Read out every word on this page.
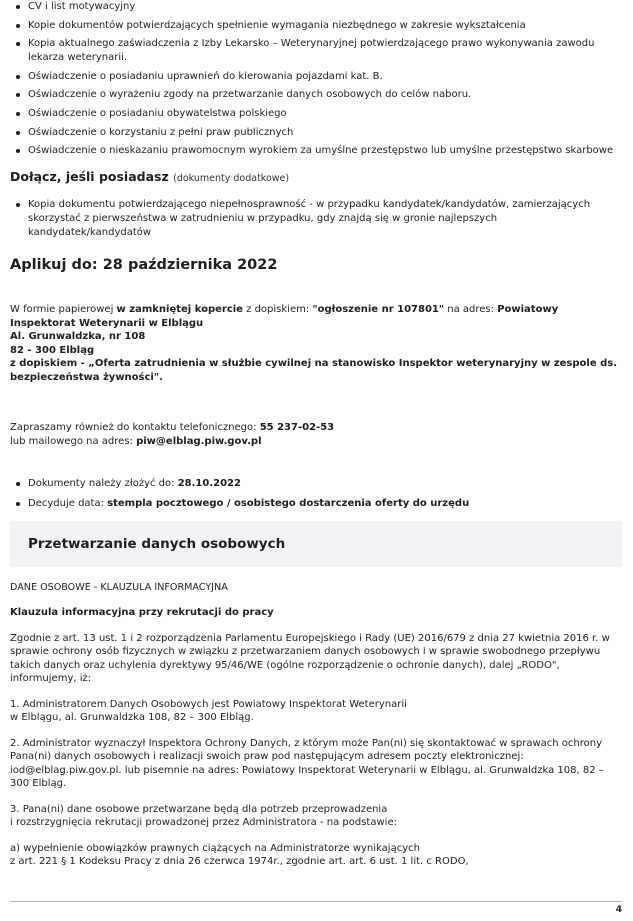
CV i list motywacyjny
Kopie dokumentów potwierdzających spełnienie wymagania niezbędnego w zakresie wykształcenia
Kopia aktualnego zaświadczenia z Izby Lekarsko – Weterynaryjnej potwierdzającego prawo wykonywania zawodu lekarza weterynarii.
Oświadczenie o posiadaniu uprawnień do kierowania pojazdami kat. B.
Oświadczenie o wyrażeniu zgody na przetwarzanie danych osobowych do celów naboru.
Oświadczenie o posiadaniu obywatelstwa polskiego
Oświadczenie o korzystaniu z pełni praw publicznych
Oświadczenie o nieskazaniu prawomocnym wyrokiem za umyślne przestępstwo lub umyślne przestępstwo skarbowe
Dołącz, jeśli posiadasz (dokumenty dodatkowe)
Kopia dokumentu potwierdzającego niepełnosprawność - w przypadku kandydatek/kandydatów, zamierzających skorzystać z pierwszeństwa w zatrudnieniu w przypadku, gdy znajdą się w gronie najlepszych kandydatek/kandydatów
Aplikuj do: 28 października 2022

W formie papierowej w zamkniętej kopercie z dopiskiem: "ogłoszenie nr 107801" na adres: Powiatowy Inspektorat Weterynarii w Elblągu
Al. Grunwaldzka, nr 108
82 - 300 Elbląg
z dopiskiem - „Oferta zatrudnienia w służbie cywilnej na stanowisko Inspektor weterynaryjny w zespole ds. bezpieczeństwa żywności".

Zapraszamy również do kontaktu telefonicznego: 55 237-02-53
lub mailowego na adres: piw@elblag.piw.gov.pl

Dokumenty należy złożyć do: 28.10.2022
Decyduje data: stempla pocztowego / osobistego dostarczenia oferty do urzędu
Przetwarzanie danych osobowych

DANE OSOBOWE - KLAUZULA INFORMACYJNA

Klauzula informacyjna przy rekrutacji do pracy

Zgodnie z art. 13 ust. 1 i 2 rozporządzenia Parlamentu Europejskiego i Rady (UE) 2016/679 z dnia 27 kwietnia 2016 r. w sprawie ochrony osób fizycznych w związku z przetwarzaniem danych osobowych i w sprawie swobodnego przepływu takich danych oraz uchylenia dyrektywy 95/46/WE (ogólne rozporządzenie o ochronie danych), dalej „RODO", informujemy, iż:

1. Administratorem Danych Osobowych jest Powiatowy Inspektorat Weterynarii
w Elblągu, al. Grunwaldzka 108, 82 – 300 Elbląg.

2. Administrator wyznaczył Inspektora Ochrony Danych, z którym może Pan(ni) się skontaktować w sprawach ochrony Pana(ni) danych osobowych i realizacji swoich praw pod następującym adresem poczty elektronicznej: iod@elblag.piw.gov.pl. lub pisemnie na adres: Powiatowy Inspektorat Weterynarii w Elblągu, al. Grunwaldzka 108, 82 – 300 Elbląg.

3. Pana(ni) dane osobowe przetwarzane będą dla potrzeb przeprowadzenia
i rozstrzygnięcia rekrutacji prowadzonej przez Administratora - na podstawie:

a) wypełnienie obowiązków prawnych ciążących na Administratorze wynikających
z art. 221 § 1 Kodeksu Pracy z dnia 26 czerwca 1974r., zgodnie art. art. 6 ust. 1 lit. c RODO,

4
